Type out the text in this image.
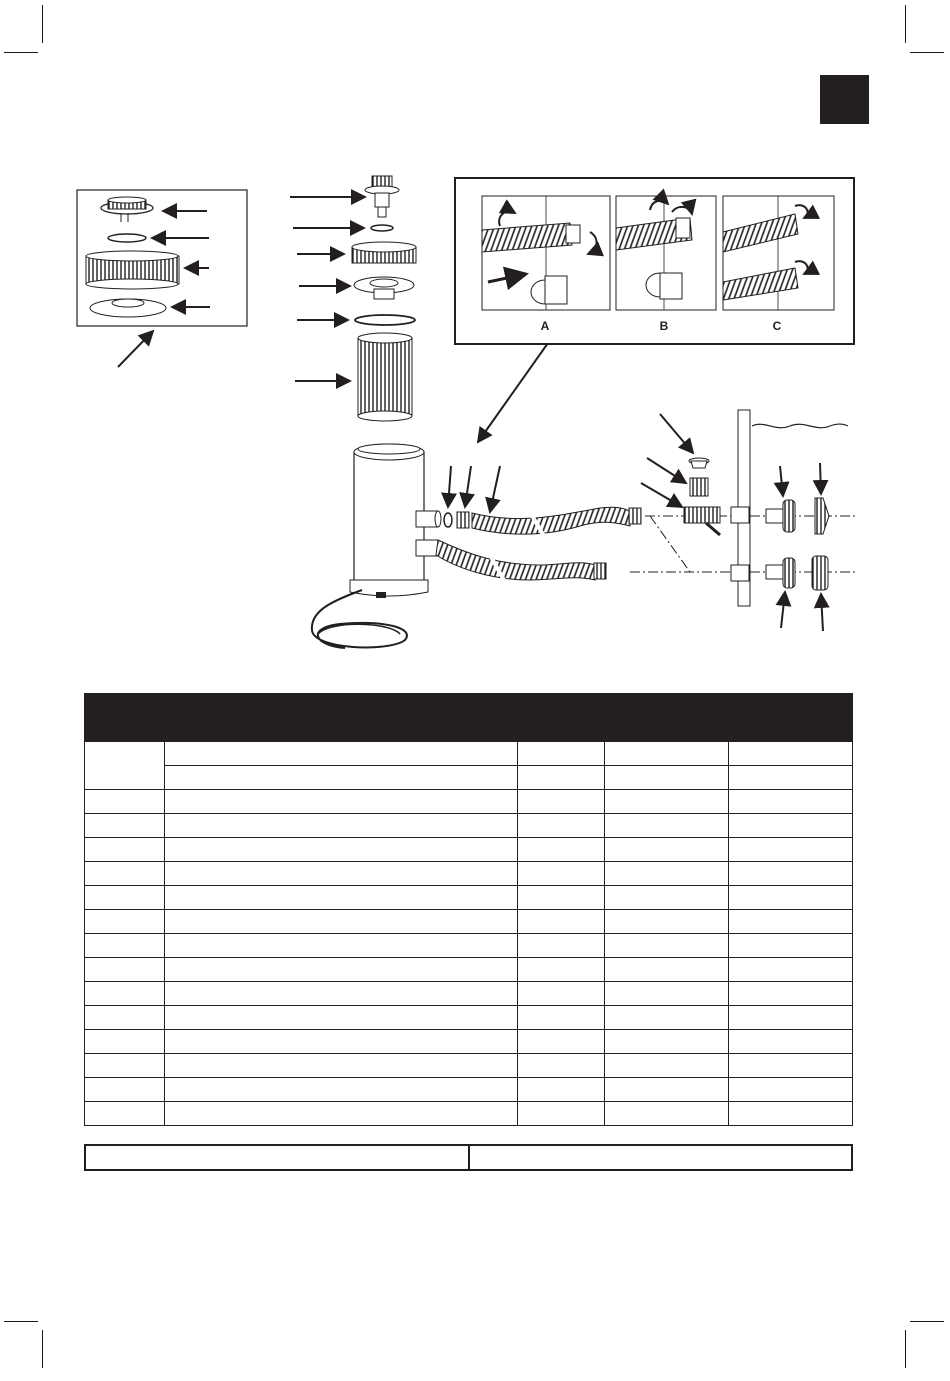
A	B	C
